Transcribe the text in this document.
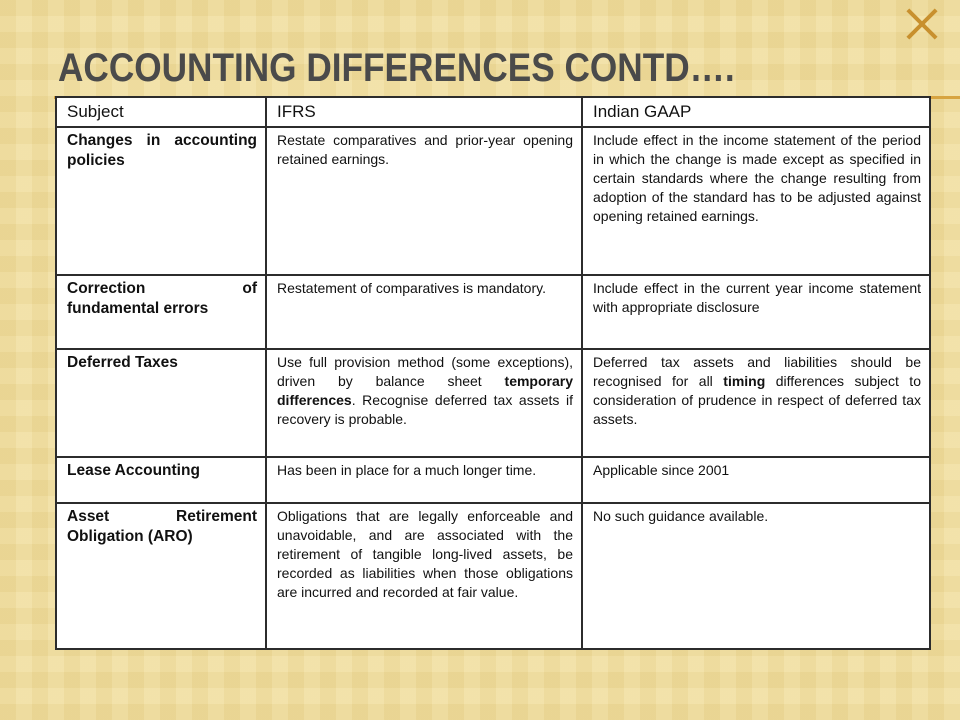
ACCOUNTING DIFFERENCES CONTD….
Subject	IFRS	Indian GAAP
Changes in accounting policies	Restate comparatives and prior-year opening retained earnings.	Include effect in the income statement of the period in which the change is made except as specified in certain standards where the change resulting from adoption of the standard has to be adjusted against opening retained earnings.
Correction of fundamental errors	Restatement of comparatives is mandatory.	Include effect in the current year income statement with appropriate disclosure
Deferred Taxes	Use full provision method (some exceptions), driven by balance sheet temporary differences. Recognise deferred tax assets if recovery is probable.	Deferred tax assets and liabilities should be recognised for all timing differences subject to consideration of prudence in respect of deferred tax assets.
Lease Accounting	Has been in place for a much longer time.	Applicable since 2001
Asset Retirement Obligation (ARO)	Obligations that are legally enforceable and unavoidable, and are associated with the retirement of tangible long-lived assets, be recorded as liabilities when those obligations are incurred and recorded at fair value.	No such guidance available.
